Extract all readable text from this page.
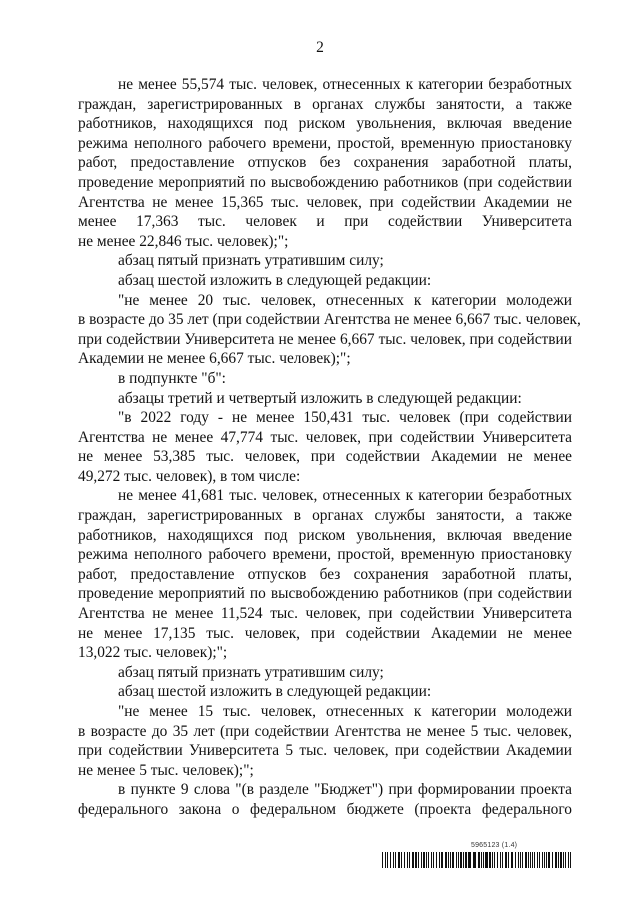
2
не менее 55,574 тыс. человек, отнесенных к категории безработных
граждан, зарегистрированных в органах службы занятости, а также
работников, находящихся под риском увольнения, включая введение
режима неполного рабочего времени, простой, временную приостановку
работ, предоставление отпусков без сохранения заработной платы,
проведение мероприятий по высвобождению работников (при содействии
Агентства не менее 15,365 тыс. человек, при содействии Академии не
менее 17,363 тыс. человек и при содействии Университета
не менее 22,846 тыс. человек);";
абзац пятый признать утратившим силу;
абзац шестой изложить в следующей редакции:
"не менее 20 тыс. человек, отнесенных к категории молодежи
в возрасте до 35 лет (при содействии Агентства не менее 6,667 тыс. человек,
при содействии Университета не менее 6,667 тыс. человек, при содействии
Академии не менее 6,667 тыс. человек);";
в подпункте "б":
абзацы третий и четвертый изложить в следующей редакции:
"в 2022 году - не менее 150,431 тыс. человек (при содействии
Агентства не менее 47,774 тыс. человек, при содействии Университета
не менее 53,385 тыс. человек, при содействии Академии не менее
49,272 тыс. человек), в том числе:
не менее 41,681 тыс. человек, отнесенных к категории безработных
граждан, зарегистрированных в органах службы занятости, а также
работников, находящихся под риском увольнения, включая введение
режима неполного рабочего времени, простой, временную приостановку
работ, предоставление отпусков без сохранения заработной платы,
проведение мероприятий по высвобождению работников (при содействии
Агентства не менее 11,524 тыс. человек, при содействии Университета
не менее 17,135 тыс. человек, при содействии Академии не менее
13,022 тыс. человек);";
абзац пятый признать утратившим силу;
абзац шестой изложить в следующей редакции:
"не менее 15 тыс. человек, отнесенных к категории молодежи
в возрасте до 35 лет (при содействии Агентства не менее 5 тыс. человек,
при содействии Университета 5 тыс. человек, при содействии Академии
не менее 5 тыс. человек);";
в пункте 9 слова "(в разделе "Бюджет") при формировании проекта
федерального закона о федеральном бюджете (проекта федерального
5965123 (1.4)
